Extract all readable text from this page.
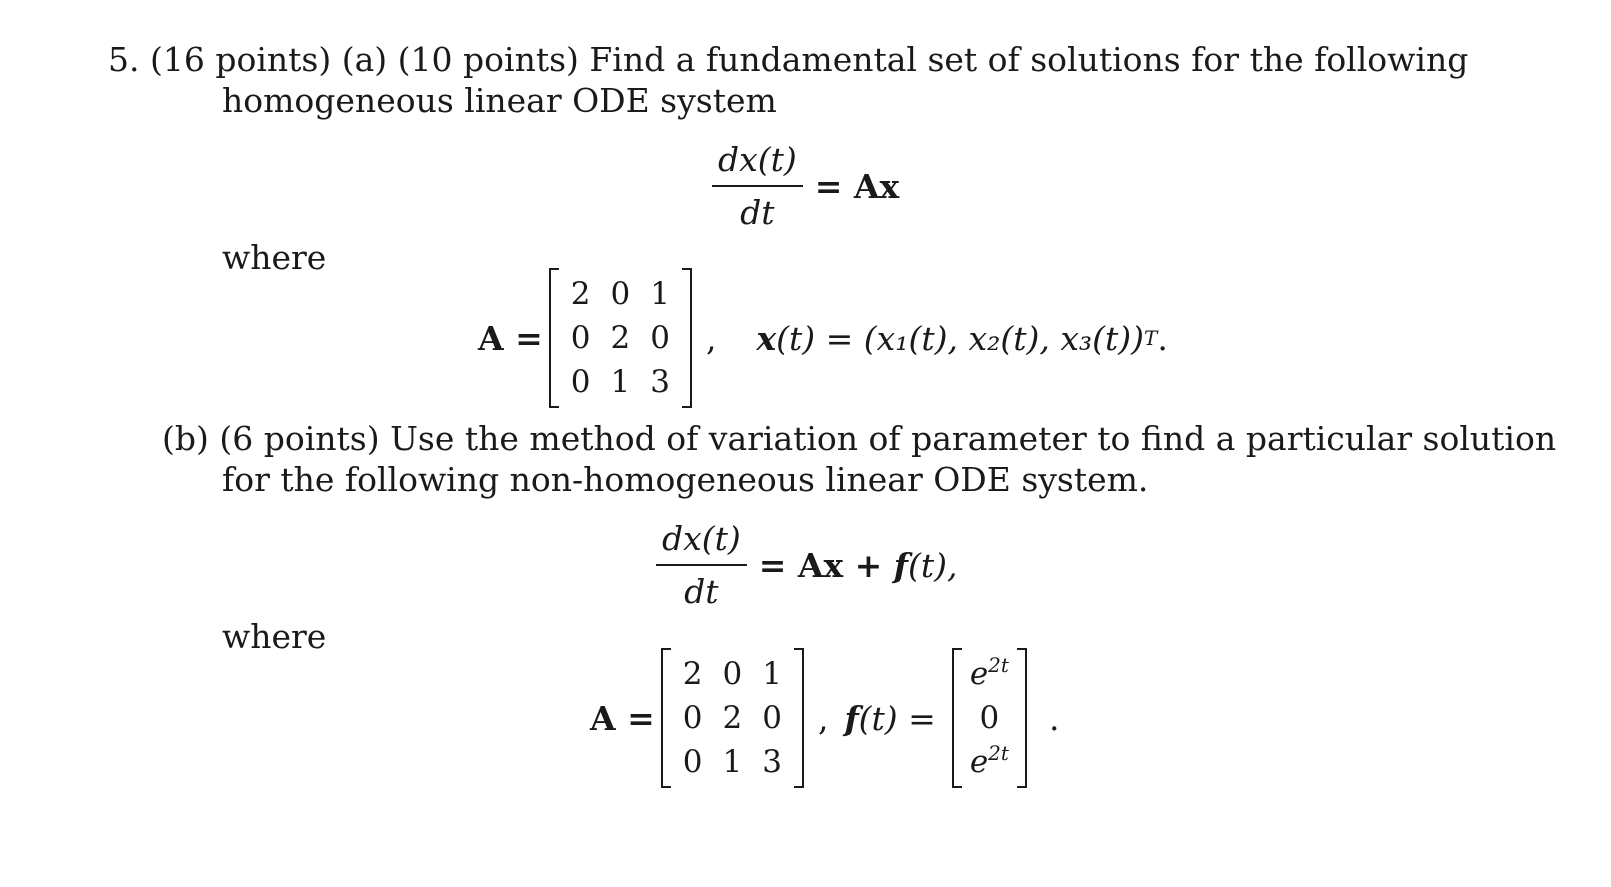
5. (16 points) (a) (10 points) Find a fundamental set of solutions for the following
homogeneous linear ODE system
$\frac{dx(t)}{dt} = Ax$
where
A =
2	0	1
0	2	0
0	1	3
, x (t) = (x₁(t), x₂(t), x₃(t)) T .
(b) (6 points) Use the method of variation of parameter to find a particular solution
for the following non-homogeneous linear ODE system.
$\frac{dx(t)}{dt} = Ax + f$ (t),
where
A =
2	0	1
0	2	0
0	1	3
, f (t) =
$e^{2t}$
0
$e^{2t}$
.
